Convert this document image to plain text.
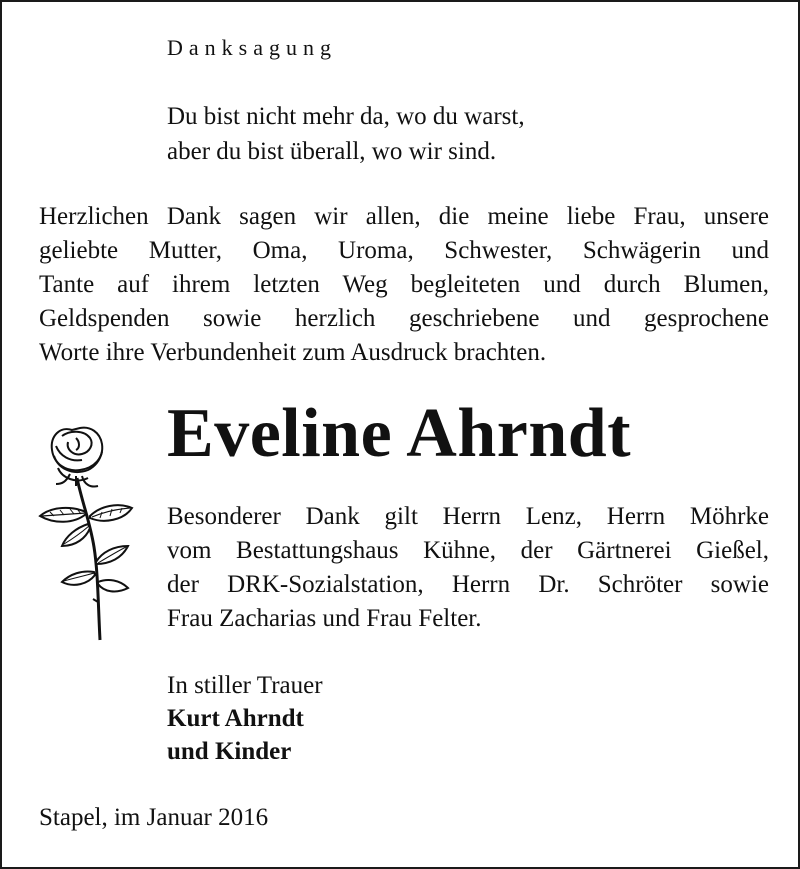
Danksagung
Du bist nicht mehr da, wo du warst,
aber du bist überall, wo wir sind.
Herzlichen Dank sagen wir allen, die meine liebe Frau, unsere
geliebte Mutter, Oma, Uroma, Schwester, Schwägerin und
Tante auf ihrem letzten Weg begleiteten und durch Blumen,
Geldspenden sowie herzlich geschriebene und gesprochene
Worte ihre Verbundenheit zum Ausdruck brachten.
Eveline Ahrndt
Besonderer Dank gilt Herrn Lenz, Herrn Möhrke
vom Bestattungshaus Kühne, der Gärtnerei Gießel,
der DRK-Sozialstation, Herrn Dr. Schröter sowie
Frau Zacharias und Frau Felter.
In stiller Trauer
Kurt Ahrndt
und Kinder
Stapel, im Januar 2016
